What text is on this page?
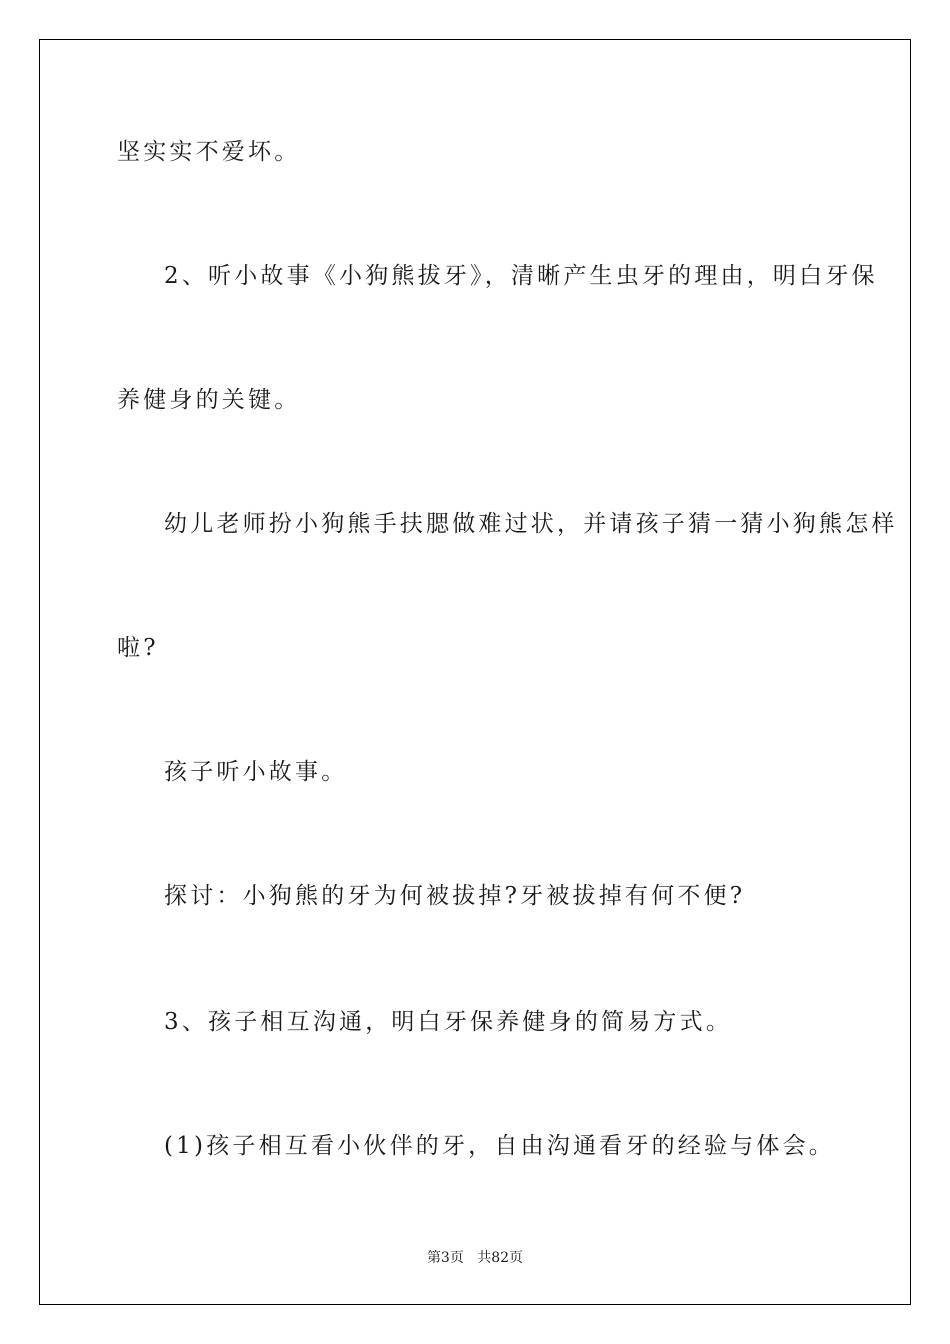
坚实实不爱坏。
2、听小故事《小狗熊拔牙》，清晰产生虫牙的理由，明白牙保
养健身的关键。
幼儿老师扮小狗熊手扶腮做难过状，并请孩子猜一猜小狗熊怎样
啦?
孩子听小故事。
探讨：小狗熊的牙为何被拔掉?牙被拔掉有何不便?
3、孩子相互沟通，明白牙保养健身的简易方式。
(1)孩子相互看小伙伴的牙，自由沟通看牙的经验与体会。
第3页 共82页
